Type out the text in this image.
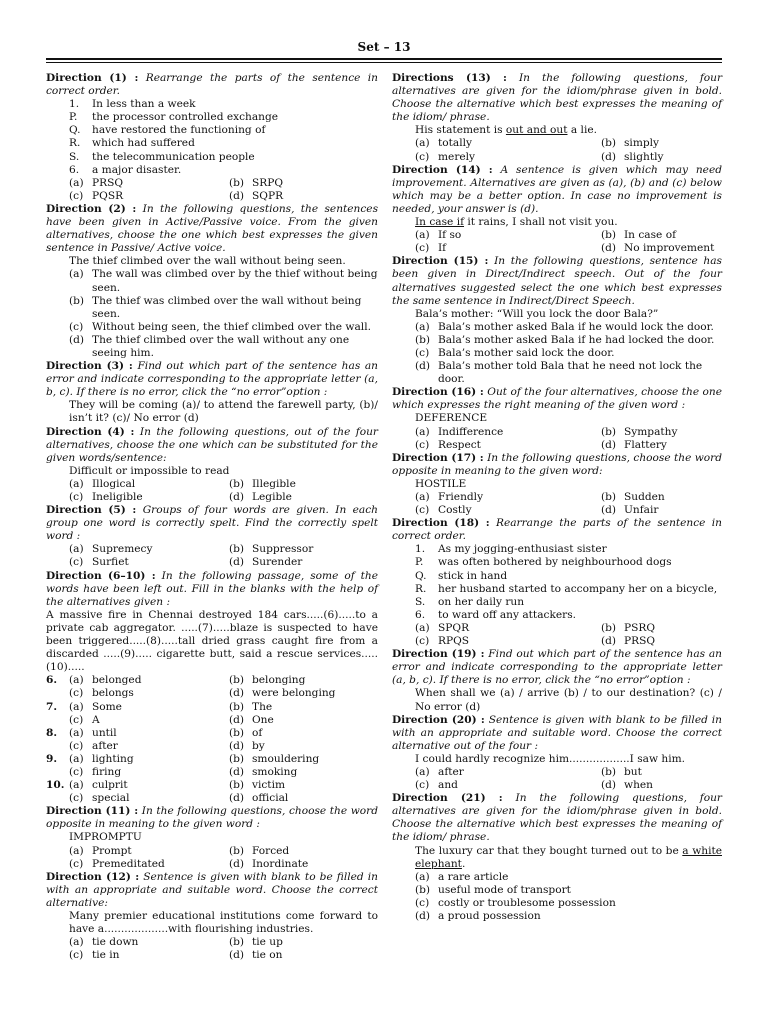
Set – 13

Direction (1) : Rearrange the parts of the sentence in correct order.

1.	In less than a week
P.	the processor controlled exchange
Q.	have restored the functioning of
R.	which had suffered
S.	the telecommunication people
6.	a major disaster.
(a) PRSQ	(b) SRPQ
(c) PQSR	(d) SQPR

Direction (2) : In the following questions, the sentences have been given in Active/Passive voice. From the given alternatives, choose the one which best expresses the given sentence in Passive/ Active voice.

The thief climbed over the wall without being seen.

(a) The wall was climbed over by the thief without being seen.
(b) The thief was climbed over the wall without being seen.
(c) Without being seen, the thief climbed over the wall.
(d) The thief climbed over the wall without any one seeing him.

Direction (3) : Find out which part of the sentence has an error and indicate corresponding to the appropriate letter (a, b, c). If there is no error, click the “no error”option :

They will be coming (a)/ to attend the farewell party, (b)/ isn’t it? (c)/ No error (d)

Direction (4) : In the following questions, out of the four alternatives, choose the one which can be substituted for the given words/sentence:

Difficult or impossible to read

(a) Illogical	(b) Illegible
(c) Ineligible	(d) Legible

Direction (5) : Groups of four words are given. In each group one word is correctly spelt. Find the correctly spelt word :

(a) Supremecy	(b) Suppressor
(c) Surfiet	(d) Surender

Direction (6–10) : In the following passage, some of the words have been left out. Fill in the blanks with the help of the alternatives given :

A massive fire in Chennai destroyed 184 cars.....(6).....to a private cab aggregator. .....(7).....blaze is suspected to have been triggered.....(8).....tall dried grass caught fire from a discarded .....(9)..... cigarette butt, said a rescue services.....(10).....

6.	(a) belonged	(b) belonging
(c) belongs	(d) were belonging
7.	(a) Some	(b) The
(c) A	(d) One
8.	(a) until	(b) of
(c) after	(d) by
9.	(a) lighting	(b) smouldering
(c) firing	(d) smoking
10. (a) culprit	(b) victim
(c) special	(d) official

Direction (11) : In the following questions, choose the word opposite in meaning to the given word :

IMPROMPTU

(a) Prompt	(b) Forced
(c) Premeditated	(d) Inordinate

Direction (12) : Sentence is given with blank to be filled in with an appropriate and suitable word. Choose the correct alternative:

Many premier educational institutions come forward to have a...................with flourishing industries.

(a) tie down	(b) tie up
(c) tie in	(d) tie on

Directions (13) : In the following questions, four alternatives are given for the idiom/phrase given in bold. Choose the alternative which best expresses the meaning of the idiom/ phrase.

His statement is out and out a lie.

(a) totally	(b) simply
(c) merely	(d) slightly

Direction (14) : A sentence is given which may need improvement. Alternatives are given as (a), (b) and (c) below which may be a better option. In case no improvement is needed, your answer is (d).

In case if it rains, I shall not visit you.

(a) If so	(b) In case of
(c) If	(d) No improvement

Direction (15) : In the following questions, sentence has been given in Direct/Indirect speech. Out of the four alternatives suggested select the one which best expresses the same sentence in Indirect/Direct Speech.

Bala’s mother: “Will you lock the door Bala?”

(a) Bala’s mother asked Bala if he would lock the door.
(b) Bala’s mother asked Bala if he had locked the door.
(c) Bala’s mother said lock the door.
(d) Bala’s mother told Bala that he need not lock the door.

Direction (16) : Out of the four alternatives, choose the one which expresses the right meaning of the given word :

DEFERENCE

(a) Indifference	(b) Sympathy
(c) Respect	(d) Flattery

Direction (17) : In the following questions, choose the word opposite in meaning to the given word:

HOSTILE

(a) Friendly	(b) Sudden
(c) Costly	(d) Unfair

Direction (18) : Rearrange the parts of the sentence in correct order.

1.	As my jogging-enthusiast sister
P.	was often bothered by neighbourhood dogs
Q.	stick in hand
R.	her husband started to accompany her on a bicycle,
S.	on her daily run
6.	to ward off any attackers.
(a) SPQR	(b) PSRQ
(c) RPQS	(d) PRSQ

Direction (19) : Find out which part of the sentence has an error and indicate corresponding to the appropriate letter (a, b, c). If there is no error, click the “no error”option :

When shall we (a) / arrive (b) / to our destination? (c) / No error (d)

Direction (20) : Sentence is given with blank to be filled in with an appropriate and suitable word. Choose the correct alternative out of the four :

I could hardly recognize him..................I saw him.

(a) after	(b) but
(c) and	(d) when

Direction (21) : In the following questions, four alternatives are given for the idiom/phrase given in bold. Choose the alternative which best expresses the meaning of the idiom/ phrase.

The luxury car that they bought turned out to be a white elephant.

(a) a rare article
(b) useful mode of transport
(c) costly or troublesome possession
(d) a proud possession
